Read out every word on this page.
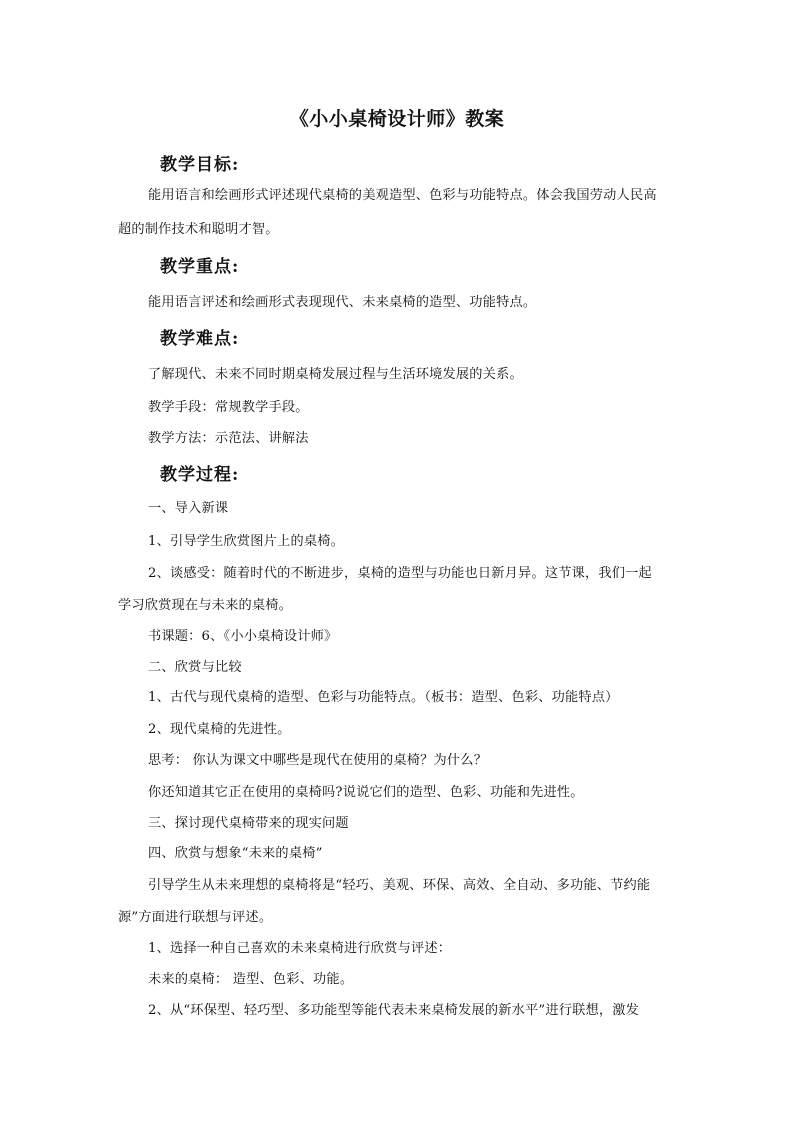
《小小桌椅设计师》教案
教学目标:
能用语言和绘画形式评述现代桌椅的美观造型、色彩与功能特点。体会我国劳动人民高
超的制作技术和聪明才智。
教学重点:
能用语言评述和绘画形式表现现代、未来桌椅的造型、功能特点。
教学难点:
了解现代、未来不同时期桌椅发展过程与生活环境发展的关系。
教学手段：常规教学手段。
教学方法：示范法、讲解法
教学过程:
一、导入新课
1、引导学生欣赏图片上的桌椅。
2、谈感受：随着时代的不断进步，桌椅的造型与功能也日新月异。这节课，我们一起
学习欣赏现在与未来的桌椅。
书课题：6、《小小桌椅设计师》
二、欣赏与比较
1、古代与现代桌椅的造型、色彩与功能特点。（板书：造型、色彩、功能特点）
2、现代桌椅的先进性。
思考： 你认为课文中哪些是现代在使用的桌椅？为什么？
你还知道其它正在使用的桌椅吗?说说它们的造型、色彩、功能和先进性。
三、探讨现代桌椅带来的现实问题
四、欣赏与想象“未来的桌椅”
引导学生从未来理想的桌椅将是“轻巧、美观、环保、高效、全自动、多功能、节约能
源”方面进行联想与评述。
1、选择一种自己喜欢的未来桌椅进行欣赏与评述：
未来的桌椅： 造型、色彩、功能。
2、从“环保型、轻巧型、多功能型等能代表未来桌椅发展的新水平”进行联想，激发
